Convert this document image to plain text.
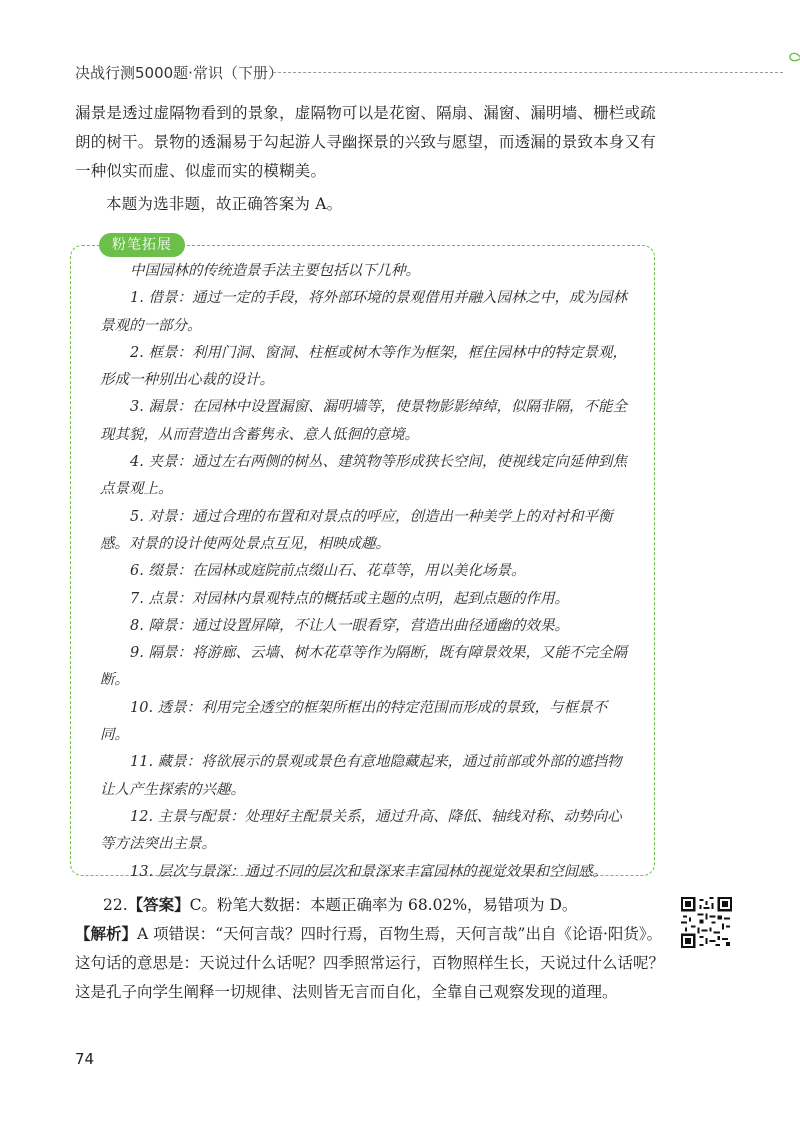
决战行测5000题·常识（下册）
漏景是透过虚隔物看到的景象，虚隔物可以是花窗、隔扇、漏窗、漏明墙、栅栏或疏朗的树干。景物的透漏易于勾起游人寻幽探景的兴致与愿望，而透漏的景致本身又有一种似实而虚、似虚而实的模糊美。
本题为选非题，故正确答案为 A。
粉笔拓展
中国园林的传统造景手法主要包括以下几种。
1. 借景：通过一定的手段，将外部环境的景观借用并融入园林之中，成为园林景观的一部分。
2. 框景：利用门洞、窗洞、柱框或树木等作为框架，框住园林中的特定景观，形成一种别出心裁的设计。
3. 漏景：在园林中设置漏窗、漏明墙等，使景物影影绰绰，似隔非隔，不能全现其貌，从而营造出含蓄隽永、意人低徊的意境。
4. 夹景：通过左右两侧的树丛、建筑物等形成狭长空间，使视线定向延伸到焦点景观上。
5. 对景：通过合理的布置和对景点的呼应，创造出一种美学上的对衬和平衡感。对景的设计使两处景点互见，相映成趣。
6. 缀景：在园林或庭院前点缀山石、花草等，用以美化场景。
7. 点景：对园林内景观特点的概括或主题的点明，起到点题的作用。
8. 障景：通过设置屏障，不让人一眼看穿，营造出曲径通幽的效果。
9. 隔景：将游廊、云墙、树木花草等作为隔断，既有障景效果，又能不完全隔断。
10. 透景：利用完全透空的框架所框出的特定范围而形成的景致，与框景不同。
11. 藏景：将欲展示的景观或景色有意地隐藏起来，通过前部或外部的遮挡物让人产生探索的兴趣。
12. 主景与配景：处理好主配景关系，通过升高、降低、轴线对称、动势向心等方法突出主景。
13. 层次与景深：通过不同的层次和景深来丰富园林的视觉效果和空间感。
22.【答案】C。粉笔大数据：本题正确率为 68.02%，易错项为 D。
【解析】A 项错误：“天何言哉？四时行焉，百物生焉，天何言哉”出自《论语·阳货》。这句话的意思是：天说过什么话呢？四季照常运行，百物照样生长，天说过什么话呢？这是孔子向学生阐释一切规律、法则皆无言而自化，全靠自己观察发现的道理。
74
